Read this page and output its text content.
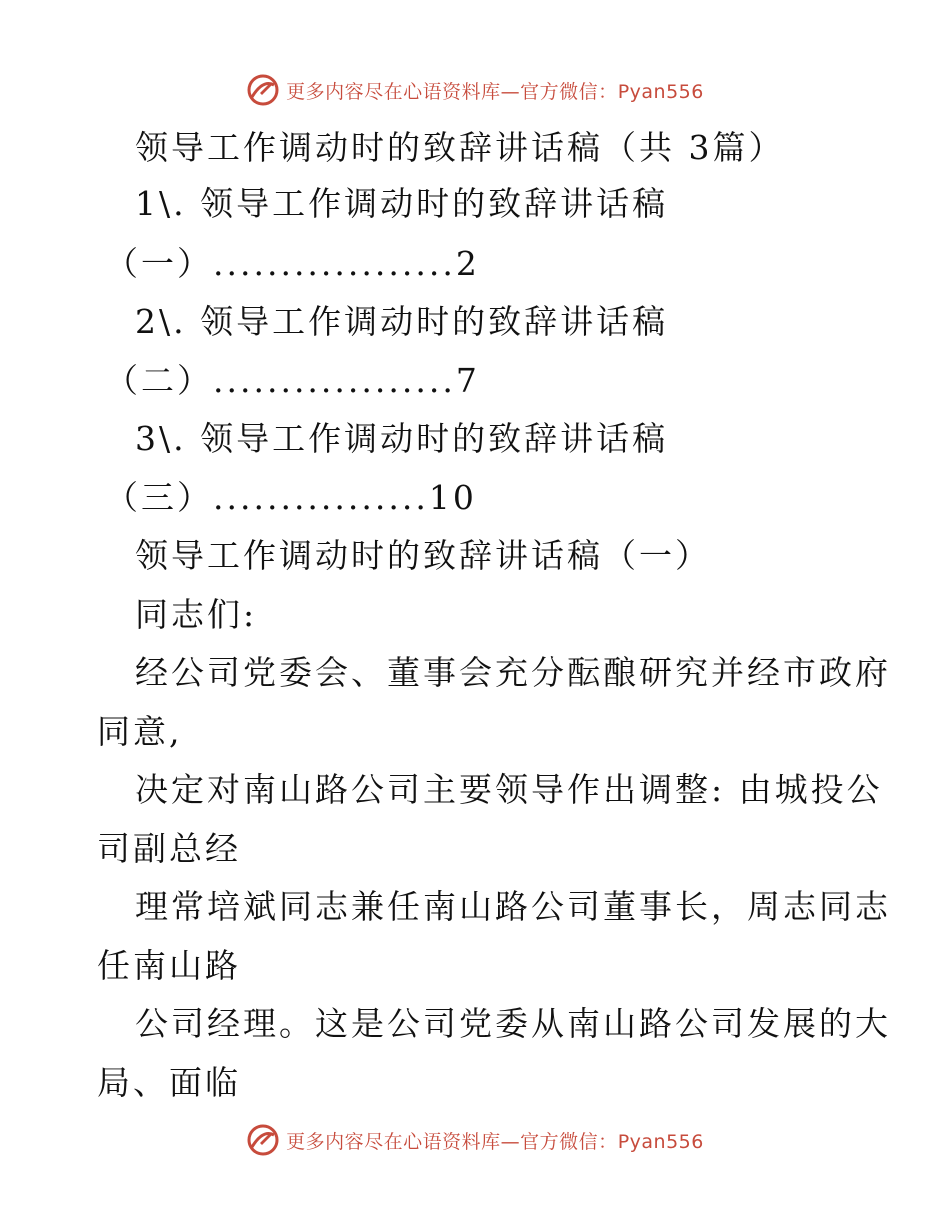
更多内容尽在心语资料库—官方微信：Pyan556
领导工作调动时的致辞讲话稿（共 3篇）
1\. 领导工作调动时的致辞讲话稿
（一）..................2
2\. 领导工作调动时的致辞讲话稿
（二）..................7
3\. 领导工作调动时的致辞讲话稿
（三）................10
领导工作调动时的致辞讲话稿（一）
同志们:
经公司党委会、董事会充分酝酿研究并经市政府
同意,
决定对南山路公司主要领导作出调整: 由城投公
司副总经
理常培斌同志兼任南山路公司董事长，周志同志
任南山路
公司经理。这是公司党委从南山路公司发展的大
局、面临
更多内容尽在心语资料库—官方微信：Pyan556
